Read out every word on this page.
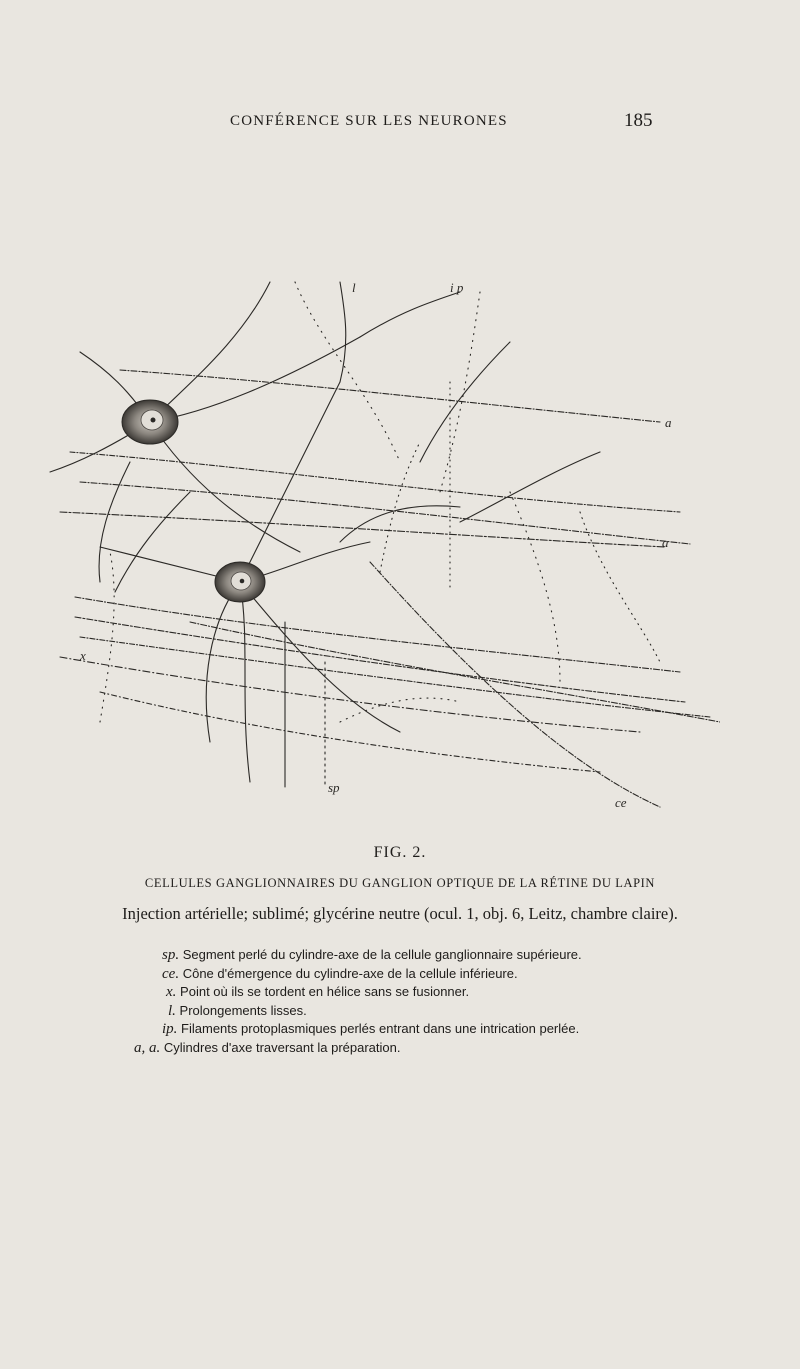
CONFÉRENCE SUR LES NEURONES	185
i p
l
a
a
sp
x
ce
FIG. 2.
CELLULES GANGLIONNAIRES DU GANGLION OPTIQUE DE LA RÉTINE DU LAPIN
Injection artérielle; sublimé; glycérine neutre (ocul. 1, obj. 6, Leitz, chambre claire).
sp. Segment perlé du cylindre-axe de la cellule ganglionnaire supérieure.
ce. Cône d'émergence du cylindre-axe de la cellule inférieure.
x. Point où ils se tordent en hélice sans se fusionner.
l. Prolongements lisses.
ip. Filaments protoplasmiques perlés entrant dans une intrication perlée.
a, a. Cylindres d'axe traversant la préparation.
